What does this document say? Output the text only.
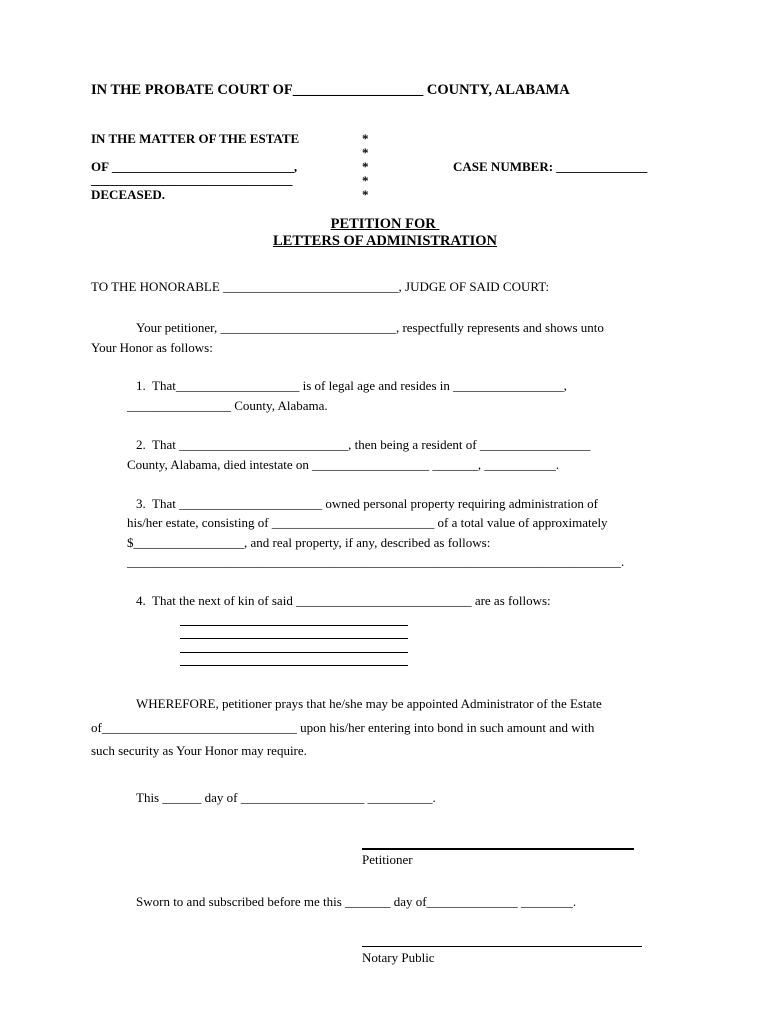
IN THE PROBATE COURT OF__________________ COUNTY, ALABAMA
IN THE MATTER OF THE ESTATE
OF ____________________________,
_______________________________
DECEASED.
*
*
*
*
*
CASE NUMBER: ______________
PETITION FOR
LETTERS OF ADMINISTRATION
TO THE HONORABLE ___________________________, JUDGE OF SAID COURT:
Your petitioner, ___________________________, respectfully represents and shows unto
Your Honor as follows:
1.  That___________________ is of legal age and resides in _________________,
________________ County, Alabama.
2.  That __________________________, then being a resident of _________________
County, Alabama, died intestate on __________________ _______, ___________.
3.  That ______________________ owned personal property requiring administration of
his/her estate, consisting of _________________________ of a total value of approximately
$_________________, and real property, if any, described as follows:
____________________________________________________________________________.
4.  That the next of kin of said ___________________________ are as follows:
WHEREFORE, petitioner prays that he/she may be appointed Administrator of the Estate
of______________________________ upon his/her entering into bond in such amount and with
such security as Your Honor may require.
This ______ day of ___________________ __________.
Petitioner
Sworn to and subscribed before me this _______ day of______________ ________.
Notary Public
